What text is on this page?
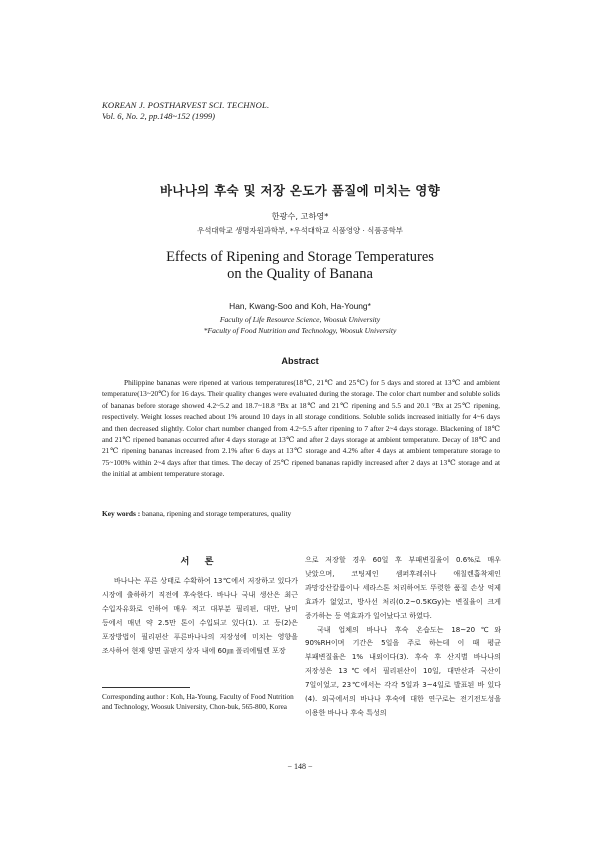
KOREAN J. POSTHARVEST SCI. TECHNOL.
Vol. 6, No. 2, pp.148~152 (1999)
바나나의 후숙 및 저장 온도가 품질에 미치는 영향
한광수, 고하영*
우석대학교 생명자원과학부, *우석대학교 식품영양 · 식품공학부
Effects of Ripening and Storage Temperatures
on the Quality of Banana
Han, Kwang-Soo and Koh, Ha-Young*
Faculty of Life Resource Science, Woosuk University
*Faculty of Food Nutrition and Technology, Woosuk University
Abstract

Philippine bananas were ripened at various temperatures(18℃, 21℃ and 25℃) for 5 days and stored at 13℃ and ambient temperature(13~20℃) for 16 days. Their quality changes were evaluated during the storage. The color chart number and soluble solids of bananas before storage showed 4.2~5.2 and 18.7~18.8 °Bx at 18℃ and 21℃ ripening and 5.5 and 20.1 °Bx at 25℃ ripening, respectively. Weight losses reached about 1% around 10 days in all storage conditions. Soluble solids increased initially for 4~6 days and then decreased slightly. Color chart number changed from 4.2~5.5 after ripening to 7 after 2~4 days storage. Blackening of 18℃ and 21℃ ripened bananas occurred after 4 days storage at 13℃ and after 2 days storage at ambient temperature. Decay of 18℃ and 21℃ ripening bananas increased from 2.1% after 6 days at 13℃ storage and 4.2% after 4 days at ambient temperature storage to 75~100% within 2~4 days after that times. The decay of 25℃ ripened bananas rapidly increased after 2 days at 13℃ storage and at the initial at ambient temperature storage.

Key words : banana, ripening and storage temperatures, quality
서 론

바나나는 푸른 상태로 수확하여 13℃에서 저장하고 있다가 시장에 출하하기 직전에 후숙한다. 바나나 국내 생산은 최근 수입자유화로 인하여 매우 적고 대부분 필리핀, 대만, 남미 등에서 매년 약 2.5만 톤이 수입되고 있다(1). 고 등(2)은 포장방법이 필리핀산 푸른바나나의 저장성에 미치는 영향을 조사하여 현재 양면 골판지 상자 내에 60㎛ 폴리에틸렌 포장

으로 저장할 경우 60일 후 부패변질율이 0.6%로 매우 낮았으며, 코팅제인 셈퍼후레쉬나 애칠렌흡착제인 과망강산칼륨이나 세라스톤 처리하여도 뚜렷한 품질 손상 억제 효과가 없었고, 방사선 처리(0.2~0.5KGy)는 변질율이 크게 증가하는 등 역효과가 일어났다고 하였다.

국내 업체의 바나나 후숙 온습도는 18~20℃와 90%RH이며 기간은 5일을 주로 하는데 이 때 평균 부패변질율은 1% 내외이다(3). 후숙 후 산지별 바나나의 저장성은 13℃에서 필리핀산이 10일, 대만산과 국산이 7일이었고, 23℃에서는 각각 5일과 3~4일로 발표된 바 있다(4). 외국에서의 바나나 후숙에 대한 연구로는 전기전도성을 이용한 바나나 후숙 특성의

Corresponding author : Koh, Ha-Young, Faculty of Food Nutrition and Technology, Woosuk University, Chon-buk, 565-800, Korea

− 148 −
